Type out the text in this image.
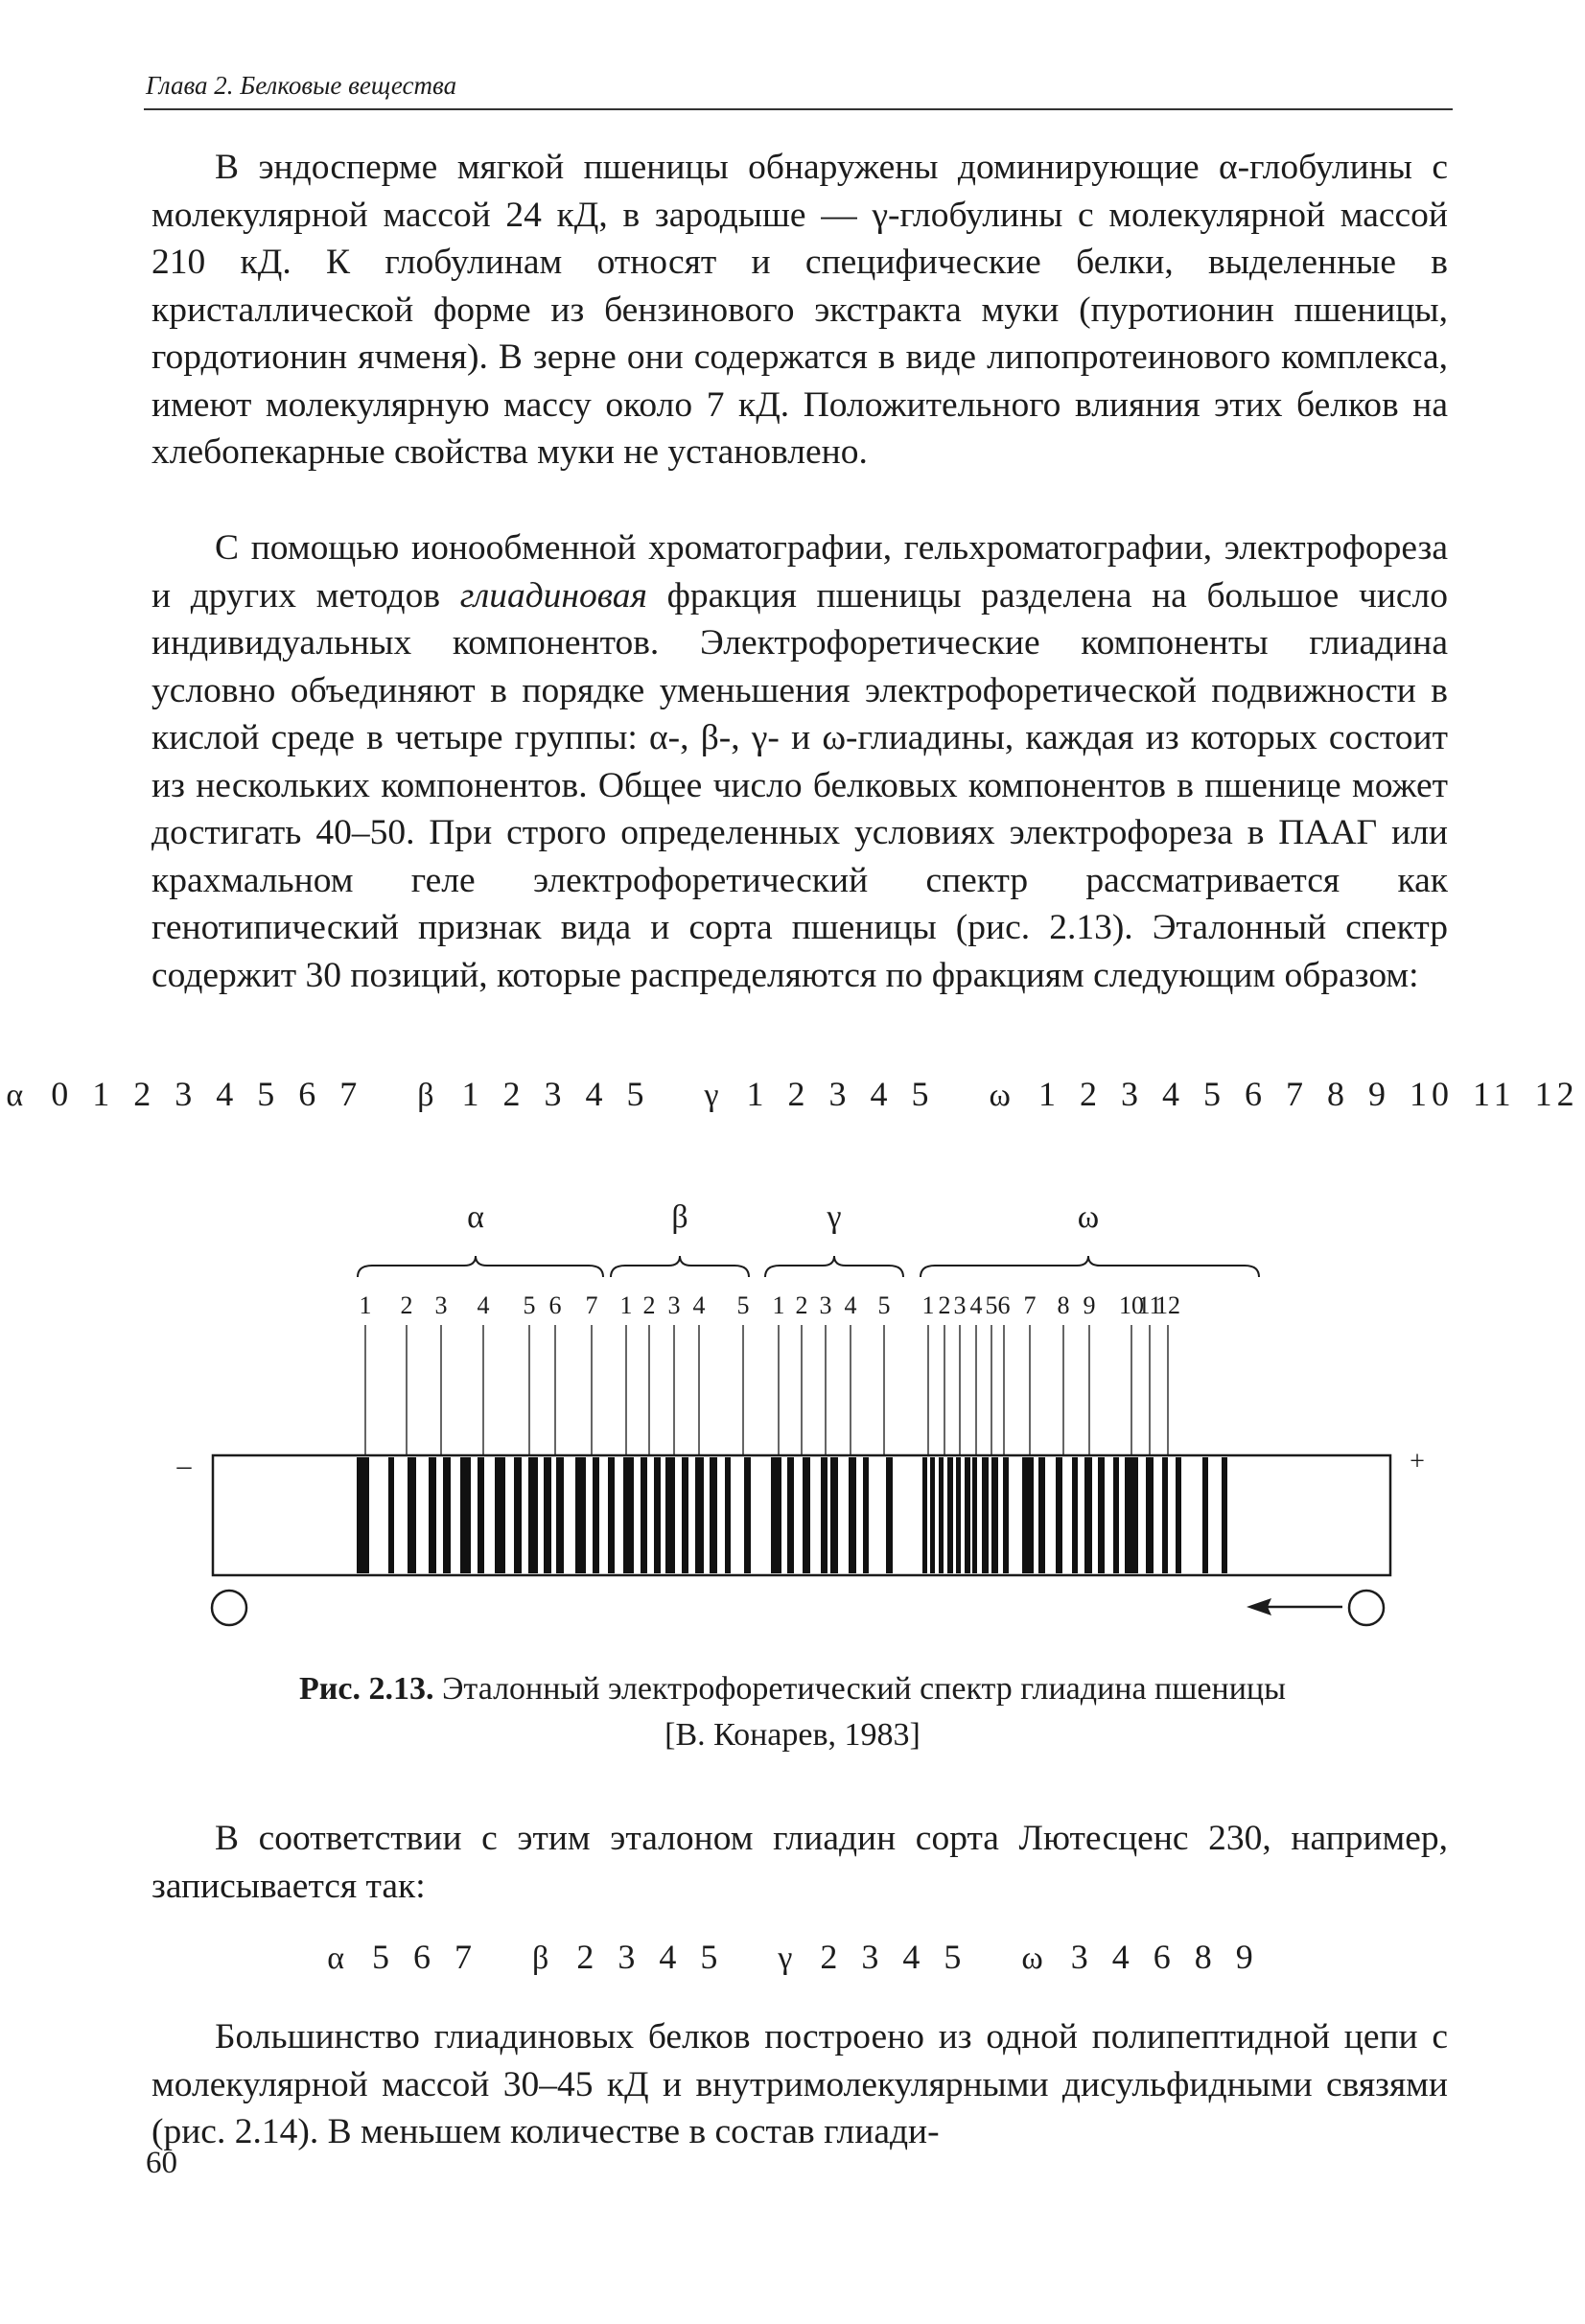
Глава 2. Белковые вещества

В эндосперме мягкой пшеницы обнаружены доминирующие α-глобулины с молекулярной массой 24 кД, в зародыше — γ-глобулины с молекулярной массой 210 кД. К глобулинам относят и специфические белки, выделенные в кристаллической форме из бензинового экстракта муки (пуротионин пшеницы, гордотионин ячменя). В зерне они содержатся в виде липопротеинового комплекса, имеют молекулярную массу около 7 кД. Положительного влияния этих белков на хлебопекарные свойства муки не установлено.

С помощью ионообменной хроматографии, гельхроматографии, электрофореза и других методов глиадиновая фракция пшеницы разделена на большое число индивидуальных компонентов. Электрофоретические компоненты глиадина условно объединяют в порядке уменьшения электрофоретической подвижности в кислой среде в четыре группы: α-, β-, γ- и ω-глиадины, каждая из которых состоит из нескольких компонентов. Общее число белковых компонентов в пшенице может достигать 40–50. При строго определенных условиях электрофореза в ПААГ или крахмальном геле электрофоретический спектр рассматривается как генотипический признак вида и сорта пшеницы (рис. 2.13). Эталонный спектр содержит 30 позиций, которые распределяются по фракциям следующим образом:

α 0 1 2 3 4 5 6 7 β 1 2 3 4 5 γ 1 2 3 4 5 ω 1 2 3 4 5 6 7 8 9 10 11 12
α	β	γ	ω
1 2 3 4 5 6 7 1 2 3 4 5 1 2 3 4 5 1 2 3 4 5 6 7 8 9 10
11
12
–	+
Рис. 2.13. Эталонный электрофоретический спектр глиадина пшеницы
[В. Конарев, 1983]

В соответствии с этим эталоном глиадин сорта Лютесценс 230, например, записывается так:

α 5 6 7 β 2 3 4 5 γ 2 3 4 5 ω 3 4 6 8 9

Большинство глиадиновых белков построено из одной полипептидной цепи с молекулярной массой 30–45 кД и внутримолекулярными дисульфидными связями (рис. 2.14). В меньшем количестве в состав глиади-

60
